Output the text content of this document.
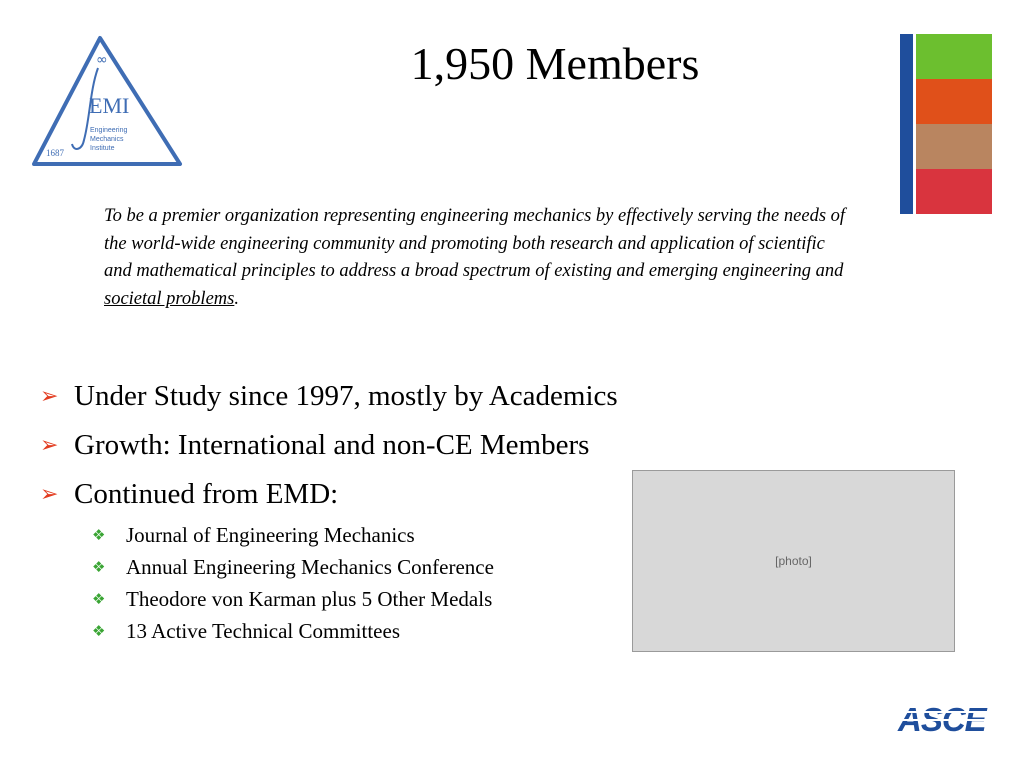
∞
EMI
Engineering
Mechanics
Institute
1687
1,950 Members
To be a premier organization representing engineering mechanics by effectively serving the needs of the world-wide engineering community and promoting both research and application of scientific and mathematical principles to address a broad spectrum of existing and emerging engineering and societal problems.
➢ Under Study since 1997, mostly by Academics
➢ Growth: International and non-CE Members
➢ Continued from EMD:
❖ Journal of Engineering Mechanics
❖ Annual Engineering Mechanics Conference
❖ Theodore von Karman plus 5 Other Medals
❖ 13 Active Technical Committees
[photo]
ASCE
